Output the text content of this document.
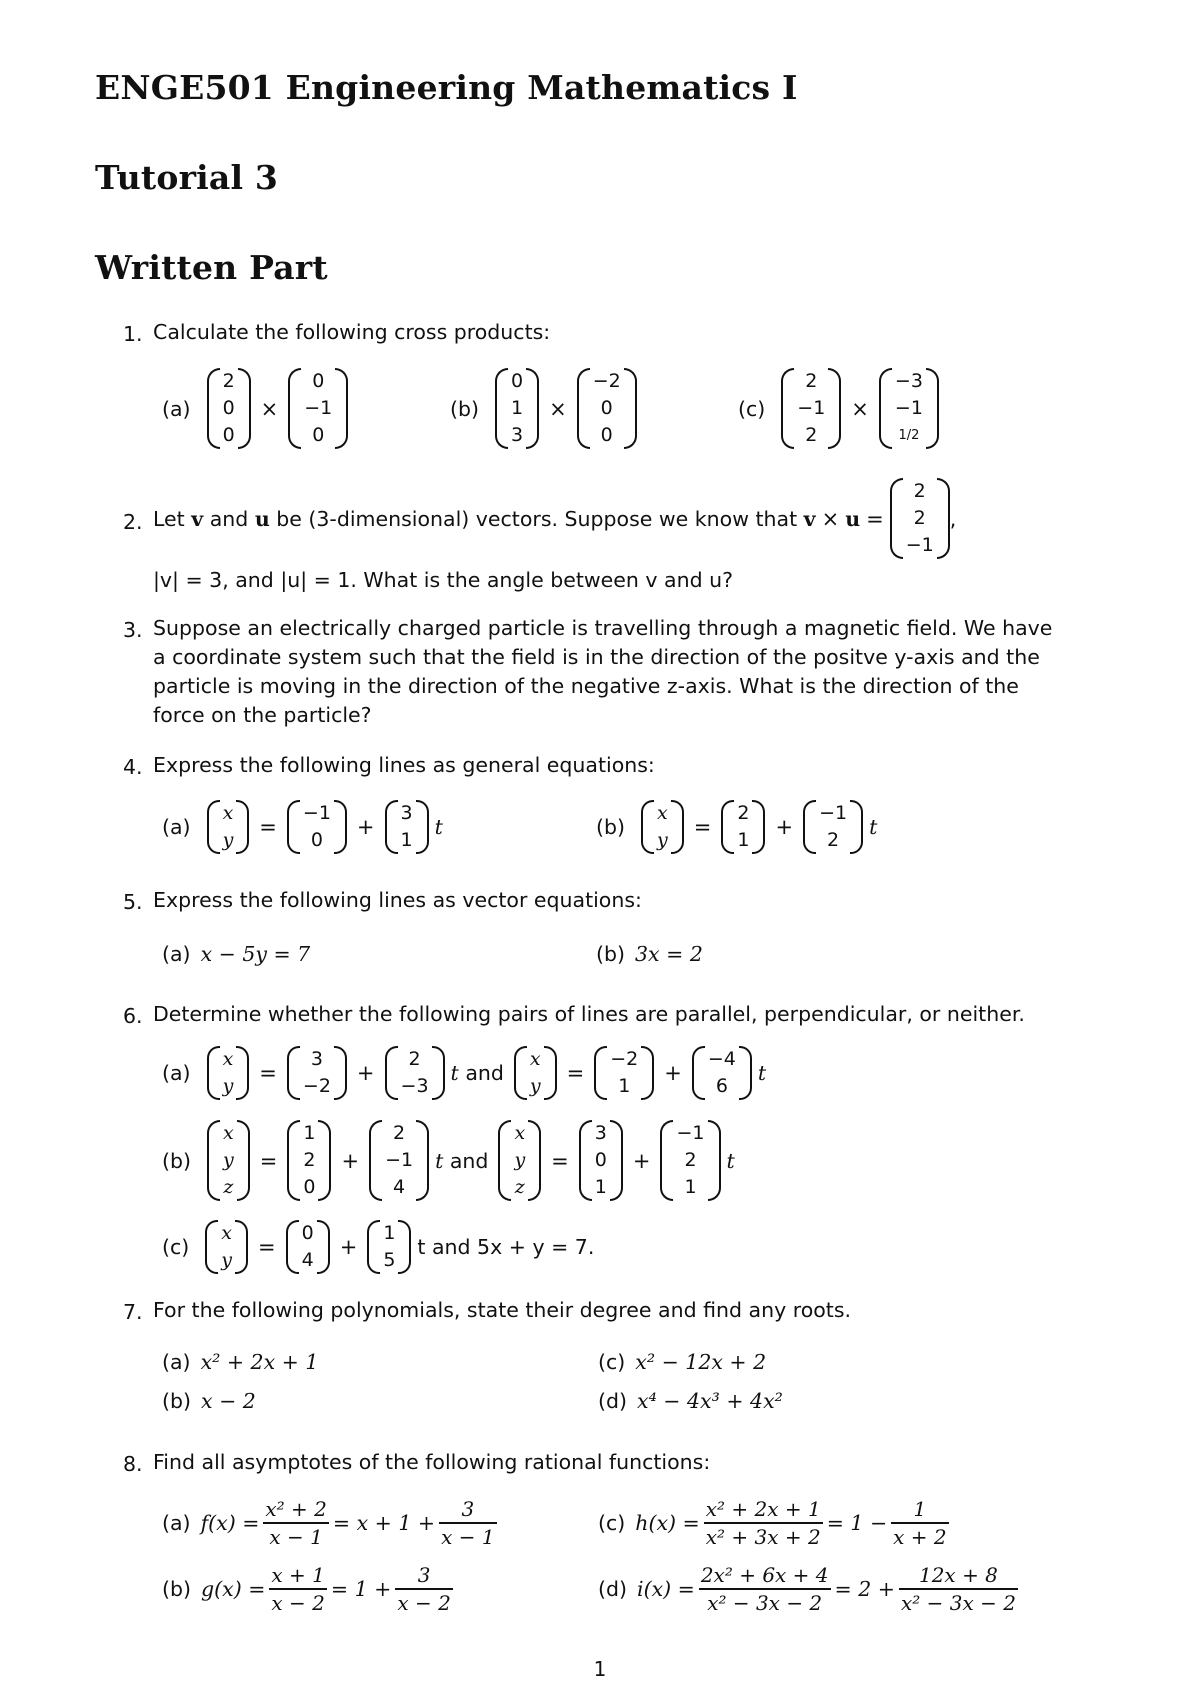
ENGE501 Engineering Mathematics I
Tutorial 3
Written Part
1. Calculate the following cross products:
(a)
2
0
0
×
0
−1
0
(b)
0
1
3
×
−2
0
0
(c)
2
−1
2
×
−3
−1
1/2
2. Let
v
and
u
be (3-dimensional) vectors. Suppose we know that
v × u =
2
2
−1
,
|v| = 3, and |u| = 1. What is the angle between v and u?
3. Suppose an electrically charged particle is travelling through a magnetic field. We have
a coordinate system such that the field is in the direction of the positve y-axis and the
particle is moving in the direction of the negative z-axis. What is the direction of the
force on the particle?
4. Express the following lines as general equations:
(a)
x
y
=
−1
0
+
3
1
t	(b)
x
y
=
2
1
+
−1
2
t
5. Express the following lines as vector equations:
(a) x − 5y = 7	(b) 3x = 2
6. Determine whether the following pairs of lines are parallel, perpendicular, or neither.
(a)
x
y
=
3
−2
+
2
−3
t
and
x
y
=
−2
1
+
−4
6
t
(b)
x
y
z
=
1
2
0
+
2
−1
4
t
and
x
y
z
=
3
0
1
+
−1
2
1
t
(c)
x
y
=
0
4
+
1
5
t and 5x + y = 7.
7. For the following polynomials, state their degree and find any roots.
(a) x² + 2x + 1
(b) x − 2
(c) x² − 12x + 2
(d) x⁴ − 4x³ + 4x²
8. Find all asymptotes of the following rational functions:
(a) $f(x) = \frac{\text{x² + 2}}{x - 1} = x + 1 + \frac{3}{x - 1}$
(b) $g(x) = \frac{x + 1}{x - 2} = 1 + \frac{3}{x - 2}$
(c) $h(x) = \frac{\text{x² + 2x + 1}}{\text{x² + 3x + 2}} = 1 - \frac{1}{x + 2}$
(d) $i(x) = \frac{\text{2x² + 6x + 4}}{\text{x² − 3x − 2}} = 2 + \frac{12x + 8}{\text{x² − 3x − 2}}$
1
